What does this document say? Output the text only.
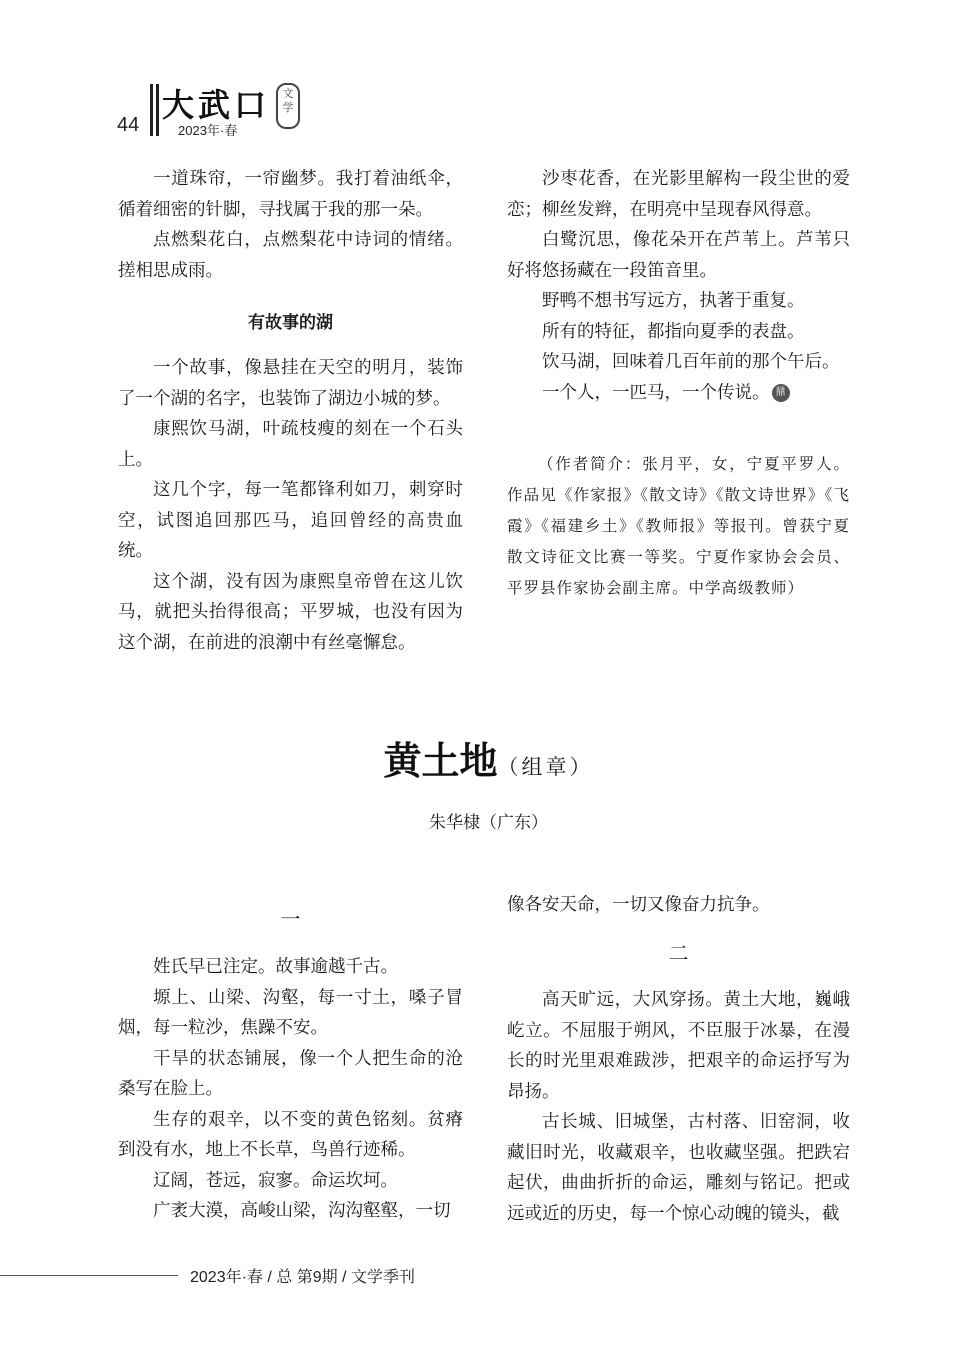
44
大武口
2023年·春
文学

一道珠帘，一帘幽梦。我打着油纸伞，循着细密的针脚，寻找属于我的那一朵。

点燃梨花白，点燃梨花中诗词的情绪。搓相思成雨。

有故事的湖

一个故事，像悬挂在天空的明月，装饰了一个湖的名字，也装饰了湖边小城的梦。

康熙饮马湖，叶疏枝瘦的刻在一个石头上。

这几个字，每一笔都锋利如刀，刺穿时空，试图追回那匹马，追回曾经的高贵血统。

这个湖，没有因为康熙皇帝曾在这儿饮马，就把头抬得很高；平罗城，也没有因为这个湖，在前进的浪潮中有丝毫懈怠。

沙枣花香，在光影里解构一段尘世的爱恋；柳丝发辫，在明亮中呈现春风得意。

白鹭沉思，像花朵开在芦苇上。芦苇只好将悠扬藏在一段笛音里。

野鸭不想书写远方，执著于重复。

所有的特征，都指向夏季的表盘。

饮马湖，回味着几百年前的那个午后。

一个人，一匹马，一个传说。 鼎

（作者简介：张月平，女，宁夏平罗人。作品见《作家报》《散文诗》《散文诗世界》《飞霞》《福建乡土》《教师报》等报刊。曾获宁夏散文诗征文比赛一等奖。宁夏作家协会会员、平罗县作家协会副主席。中学高级教师）

黄土地（组章）
朱华棣（广东）
一

姓氏早已注定。故事逾越千古。

塬上、山梁、沟壑，每一寸土，嗓子冒烟，每一粒沙，焦躁不安。

干旱的状态铺展，像一个人把生命的沧桑写在脸上。

生存的艰辛，以不变的黄色铭刻。贫瘠到没有水，地上不长草，鸟兽行迹稀。

辽阔，苍远，寂寥。命运坎坷。

广袤大漠，高峻山梁，沟沟壑壑，一切

像各安天命，一切又像奋力抗争。

二

高天旷远，大风穿扬。黄土大地，巍峨屹立。不屈服于朔风，不臣服于冰暴，在漫长的时光里艰难跋涉，把艰辛的命运抒写为昂扬。

古长城、旧城堡，古村落、旧窑洞，收藏旧时光，收藏艰辛，也收藏坚强。把跌宕起伏，曲曲折折的命运，雕刻与铭记。把或远或近的历史，每一个惊心动魄的镜头，截

2023年·春 / 总 第9期 / 文学季刊
